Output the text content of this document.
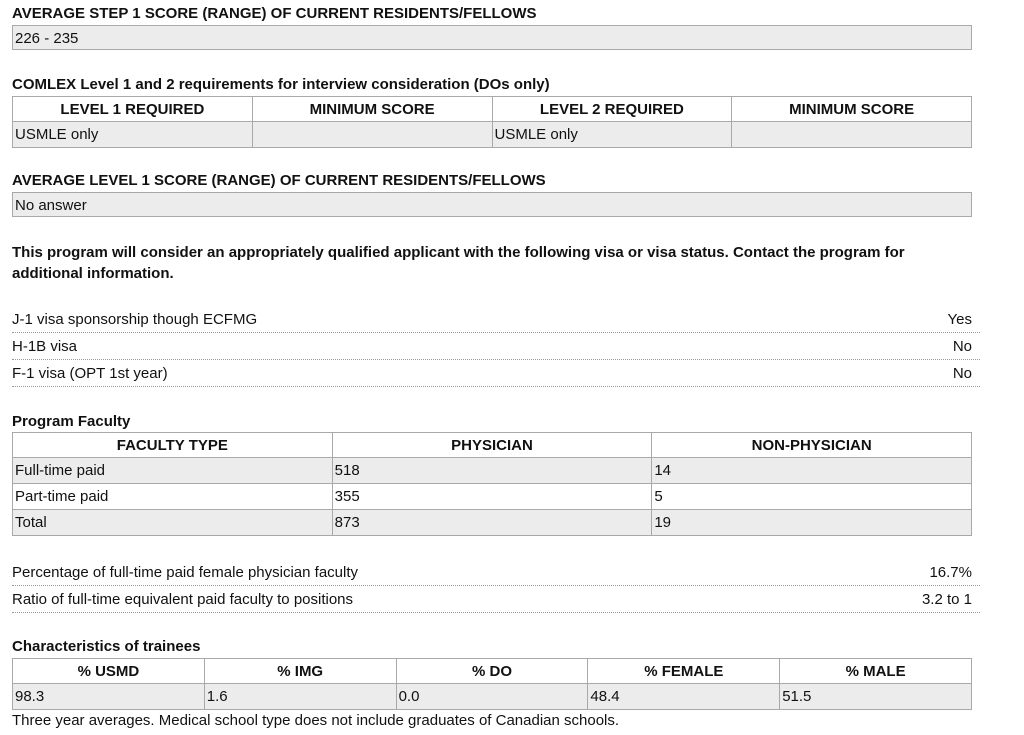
AVERAGE STEP 1 SCORE (RANGE) OF CURRENT RESIDENTS/FELLOWS
226 - 235
COMLEX Level 1 and 2 requirements for interview consideration (DOs only)
LEVEL 1 REQUIRED	MINIMUM SCORE	LEVEL 2 REQUIRED	MINIMUM SCORE
USMLE only		USMLE only	
AVERAGE LEVEL 1 SCORE (RANGE) OF CURRENT RESIDENTS/FELLOWS
No answer
This program will consider an appropriately qualified applicant with the following visa or visa status. Contact the program for additional information.
J-1 visa sponsorship though ECFMG	Yes
H-1B visa	No
F-1 visa (OPT 1st year)	No
Program Faculty
FACULTY TYPE	PHYSICIAN	NON-PHYSICIAN
Full-time paid	518	14
Part-time paid	355	5
Total	873	19
Percentage of full-time paid female physician faculty	16.7%
Ratio of full-time equivalent paid faculty to positions	3.2 to 1
Characteristics of trainees
% USMD	% IMG	% DO	% FEMALE	% MALE
98.3	1.6	0.0	48.4	51.5
Three year averages. Medical school type does not include graduates of Canadian schools.
